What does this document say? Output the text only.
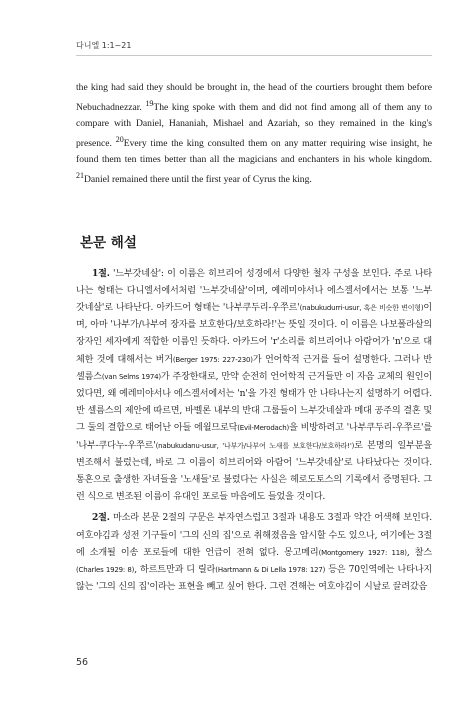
다니엘 1:1~21

the king had said they should be brought in, the head of the courtiers brought them before Nebuchadnezzar. $^{19}$The king spoke with them and did not find among all of them any to compare with Daniel, Hananiah, Mishael and Azariah, so they remained in the king's presence. $^{20}$Every time the king consulted them on any matter requiring wise insight, he found them ten times better than all the magicians and enchanters in his whole kingdom. $^{21}$Daniel remained there until the first year of Cyrus the king.

본문 해설

1절. '느부갓네살': 이 이름은 히브리어 성경에서 다양한 철자 구성을 보인다. 주로 나타나는 형태는 다니엘서에서처럼 '느부갓네살'이며, 예레미야서나 에스겔서에서는 보통 '느부갓네살'로 나타난다. 아카드어 형태는 '나부쿠두리-우쭈르'(nabukudurri-usur, 혹은 비슷한 변이형)이며, 아마 '나부가/나부여 장자를 보호한다/보호하라!'는 뜻일 것이다. 이 이름은 나보폴라살의 장자인 세자에게 적합한 이름인 듯하다. 아카드어 'r'소리를 히브리어나 아람어가 'n'으로 대체한 것에 대해서는 버거(Berger 1975: 227-230)가 언어학적 근거를 들어 설명한다. 그러나 반 셀름스(van Selms 1974)가 주장한대로, 만약 순전히 언어학적 근거들만 이 자음 교체의 원인이었다면, 왜 예레미야서나 에스겔서에서는 'n'을 가진 형태가 안 나타나는지 설명하기 어렵다. 반 셀름스의 제안에 따르면, 바벨론 내부의 반대 그룹들이 느부갓네살과 메대 공주의 결혼 및 그 둘의 결합으로 태어난 아들 에윌므로닥(Evil-Merodach)을 비방하려고 '나부쿠두리-우쭈르'를 '나부-쿠다누-우쭈르'(nabukudanu-usur, '나부가/나부여 노새를 보호한다/보호하라!')로 본명의 일부분을 변조해서 불렀는데, 바로 그 이름이 히브리어와 아람어 '느부갓네살'로 나타났다는 것이다. 통혼으로 출생한 자녀들을 '노새들'로 불렀다는 사실은 헤로도토스의 기록에서 증명된다. 그런 식으로 변조된 이름이 유대인 포로들 마음에도 들었을 것이다.

2절. 마소라 본문 2절의 구문은 부자연스럽고 3절과 내용도 3절과 약간 어색해 보인다. 여호야김과 성전 기구들이 '그의 신의 집'으로 취해졌음을 암시할 수도 있으나, 여기에는 3절에 소개될 이송 포로들에 대한 언급이 전혀 없다. 몽고메리(Montgomery 1927: 118), 찰스(Charles 1929: 8), 하르트만과 디 릴라(Hartmann & Di Lella 1978: 127) 등은 70인역에는 나타나지 않는 '그의 신의 집'이라는 표현을 빼고 싶어 한다. 그런 견해는 여호야김이 시날로 끌려갔음

56
